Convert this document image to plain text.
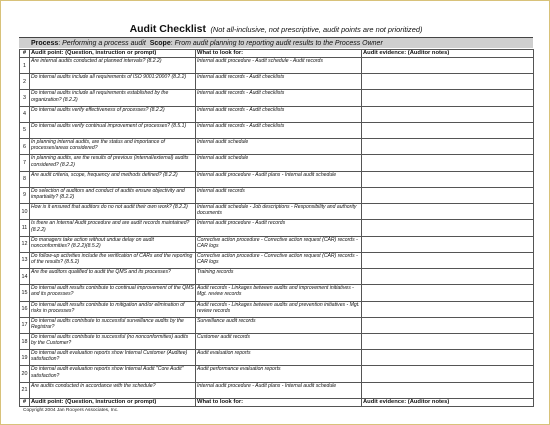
Audit Checklist (Not all-inclusive, not prescriptive, audit points are not prioritized)
Process: Performing a process audit Scope: From audit planning to reporting audit results to the Process Owner
#	Audit point: (Question, instruction or prompt)	What to look for:	Audit evidence: (Auditor notes)
1	Are internal audits conducted at planned intervals? (8.2.2)	Internal audit procedure - Audit schedule - Audit records	
2	Do internal audits include all requirements of ISO 9001:2000? (8.2.2)	Internal audit records - Audit checklists	
3	Do internal audits include all requirements established by the organization? (8.2.2)	Internal audit records - Audit checklists	
4	Do internal audits verify effectiveness of processes? (8.2.2)	Internal audit records - Audit checklists	
5	Do internal audits verify continual improvement of processes? (8.5.1)	Internal audit records - Audit checklists	
6	In planning internal audits, are the status and importance of processes/areas considered?	Internal audit schedule	
7	In planning audits, are the results of previous (internal/external) audits considered? (8.2.2)	Internal audit schedule	
8	Are audit criteria, scope, frequency and methods defined? (8.2.2)	Internal audit procedure - Audit plans - Internal audit schedule	
9	Do selection of auditors and conduct of audits ensure objectivity and impartiality? (8.2.2)	Internal audit records	
10	How is it ensured that auditors do no not audit their own work? (8.2.2)	Internal audit schedule - Job descriptions - Responsibility and authority documents	
11	Is there an Internal Audit procedure and are audit records maintained? (8.2.2)	Internal audit procedure - Audit records	
12	Do managers take action without undue delay on audit nonconformities? (8.2.2)(8.5.2)	Corrective action procedure - Corrective action request (CAR) records - CAR logs	
13	Do follow-up activities include the verification of CARs and the reporting of the results? (8.5.2)	Corrective action procedure - Corrective action request (CAR) records - CAR logs	
14	Are the auditors qualified to audit the QMS and its processes?	Training records	
15	Do internal audit results contribute to continual improvement of the QMS and its processes?	Audit records - Linkages between audits and improvement initiatives - Mgt. review records	
16	Do internal audit results contribute to mitigation and/or elimination of risks in processes?	Audit records - Linkages between audits and prevention initiatives - Mgt. review records	
17	Do internal audits contribute to successful surveillance audits by the Registrar?	Surveillance audit records	
18	Do internal audits contribute to successful (no nonconformities) audits by the Customer?	Customer audit records	
19	Do internal audit evaluation reports show Internal Customer (Auditee) satisfaction?	Audit evaluation reports	
20	Do internal audit evaluation reports show Internal Audit "Core Audit" satisfaction?	Audit performance evaluation reports	
21	Are audits conducted in accordance with the schedule?	Internal audit procedure - Audit plans - Internal audit schedule	
#	Audit point: (Question, instruction or prompt)	What to look for:	Audit evidence: (Auditor notes)
Copyright 2004 Jan Rooyers Associates, Inc.
